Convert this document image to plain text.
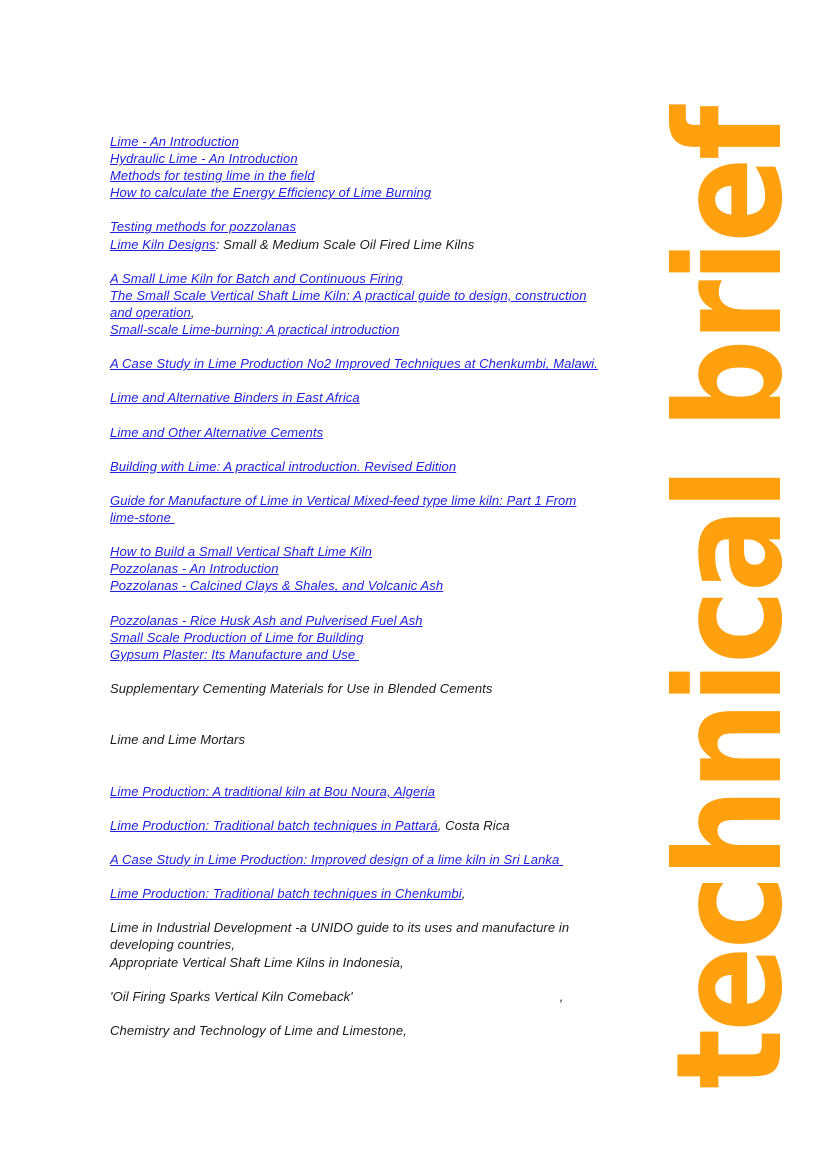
Lime - An Introduction
Hydraulic Lime - An Introduction
Methods for testing lime in the field
How to calculate the Energy Efficiency of Lime Burning

Testing methods for pozzolanas
Lime Kiln Designs: Small & Medium Scale Oil Fired Lime Kilns

A Small Lime Kiln for Batch and Continuous Firing
The Small Scale Vertical Shaft Lime Kiln: A practical guide to design, construction
and operation,
Small-scale Lime-burning: A practical introduction

A Case Study in Lime Production No2 Improved Techniques at Chenkumbi, Malawi.

Lime and Alternative Binders in East Africa

Lime and Other Alternative Cements

Building with Lime: A practical introduction. Revised Edition

Guide for Manufacture of Lime in Vertical Mixed-feed type lime kiln: Part 1 From
lime-stone

How to Build a Small Vertical Shaft Lime Kiln
Pozzolanas - An Introduction
Pozzolanas - Calcined Clays & Shales, and Volcanic Ash

Pozzolanas - Rice Husk Ash and Pulverised Fuel Ash
Small Scale Production of Lime for Building
Gypsum Plaster: Its Manufacture and Use

Supplementary Cementing Materials for Use in Blended Cements

Lime and Lime Mortars

Lime Production: A traditional kiln at Bou Noura, Algeria

Lime Production: Traditional batch techniques in Pattará, Costa Rica

A Case Study in Lime Production: Improved design of a lime kiln in Sri Lanka

Lime Production: Traditional batch techniques in Chenkumbi,

Lime in Industrial Development -a UNIDO guide to its uses and manufacture in
developing countries,
Appropriate Vertical Shaft Lime Kilns in Indonesia,

'Oil Firing Sparks Vertical Kiln Comeback'	,

Chemistry and Technology of Lime and Limestone,	technical brief
